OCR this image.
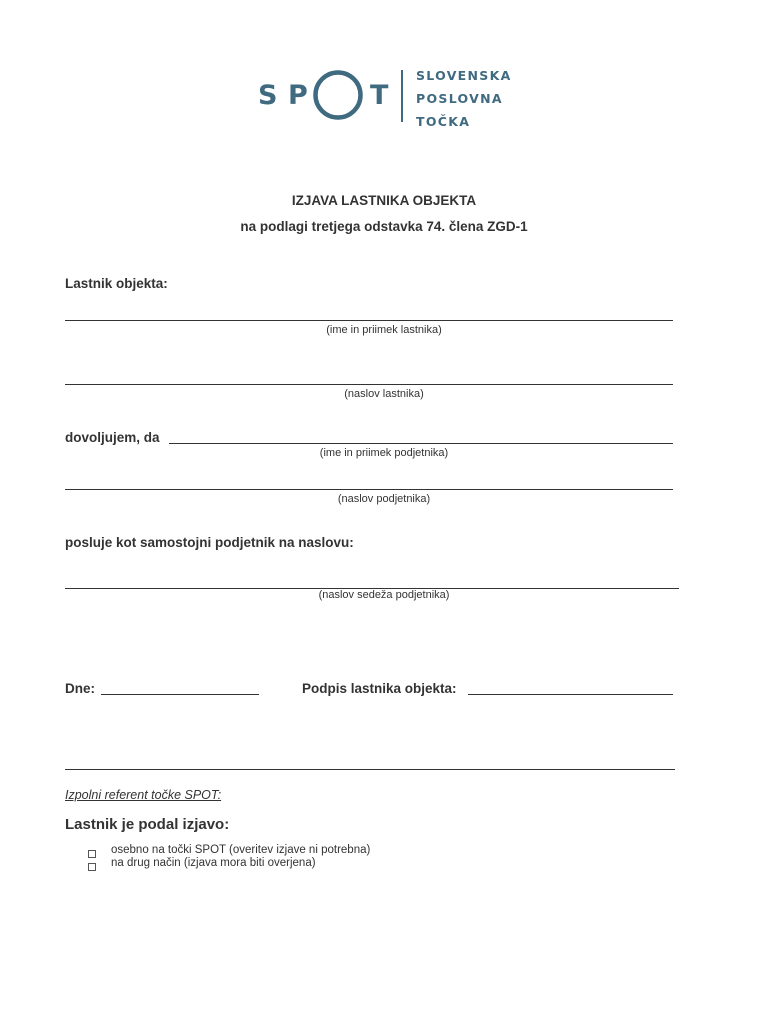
S P T
SLOVENSKA
POSLOVNA
TOČKA
IZJAVA LASTNIKA OBJEKTA
na podlagi tretjega odstavka 74. člena ZGD-1
Lastnik objekta:
(ime in priimek lastnika)
(naslov lastnika)
dovoljujem, da
(ime in priimek podjetnika)
(naslov podjetnika)
posluje kot samostojni podjetnik na naslovu:
(naslov sedeža podjetnika)
Dne:	Podpis lastnika objekta:
Izpolni referent točke SPOT:
Lastnik je podal izjavo:
osebno na točki SPOT (overitev izjave ni potrebna)
na drug način (izjava mora biti overjena)
